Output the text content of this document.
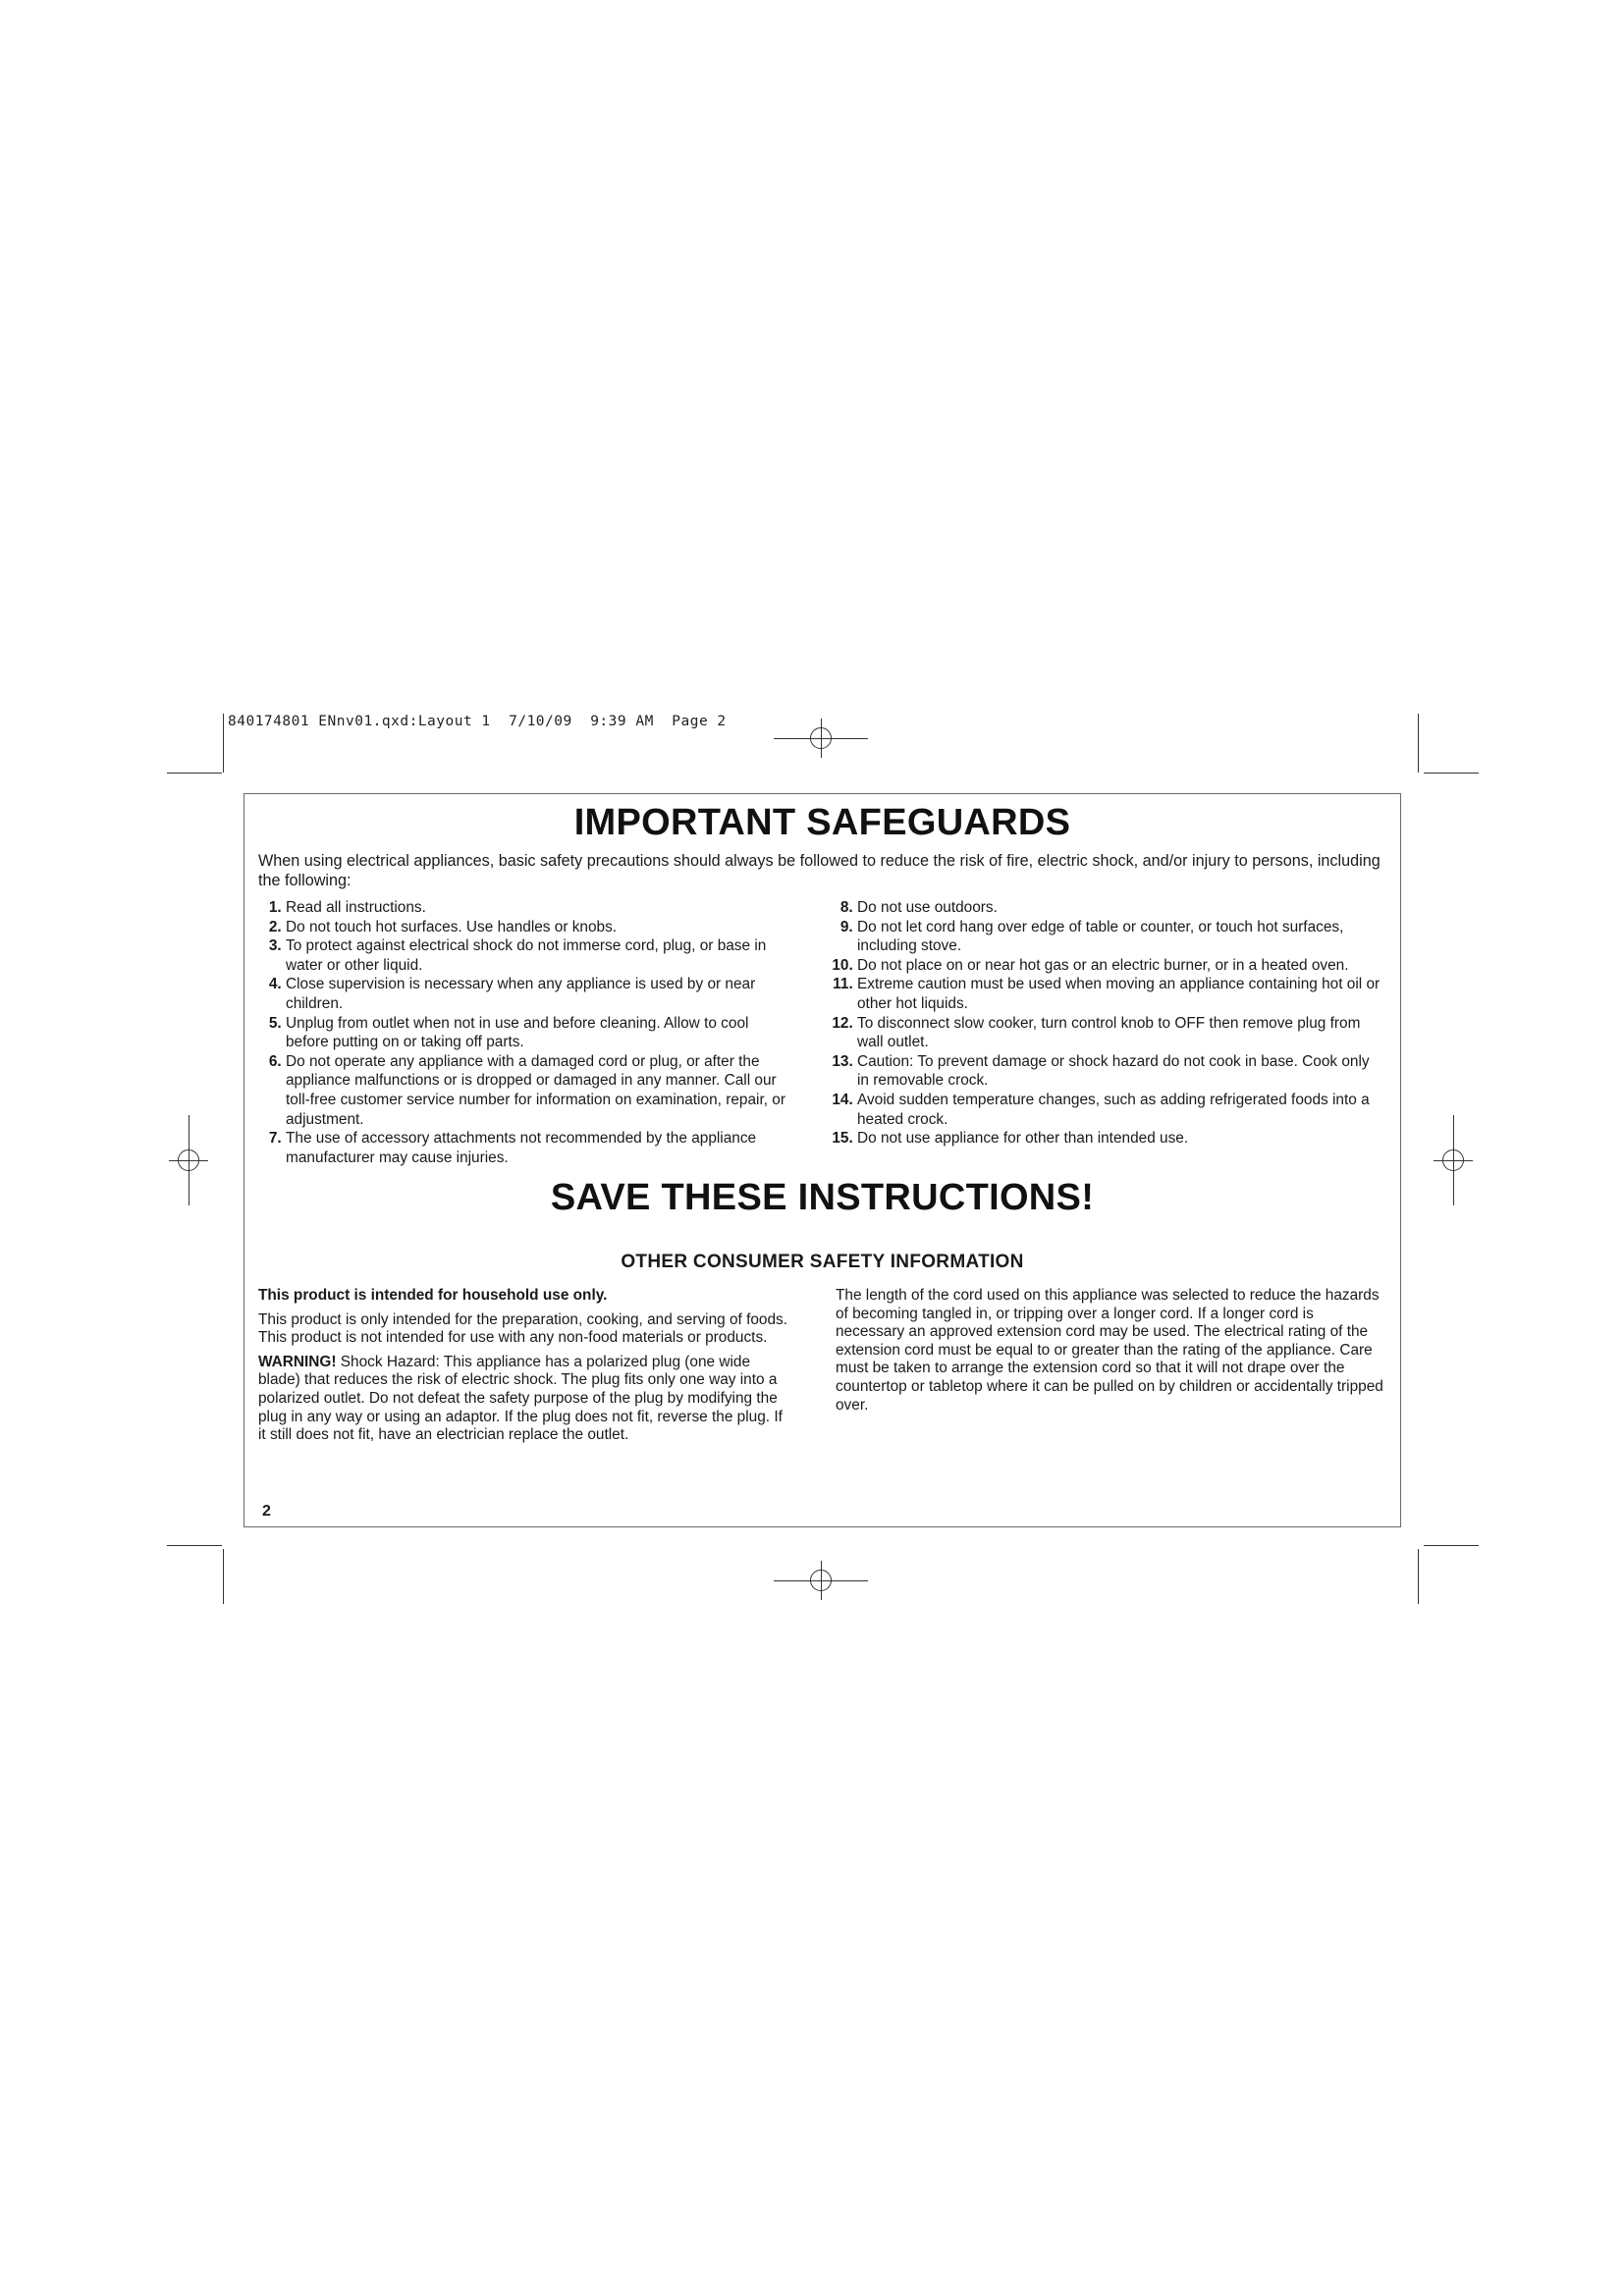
840174801 ENnv01.qxd:Layout 1  7/10/09  9:39 AM  Page 2
IMPORTANT SAFEGUARDS
When using electrical appliances, basic safety precautions should always be followed to reduce the risk of fire, electric shock, and/or injury to persons, including the following:
1. Read all instructions.
2. Do not touch hot surfaces. Use handles or knobs.
3. To protect against electrical shock do not immerse cord, plug, or base in water or other liquid.
4. Close supervision is necessary when any appliance is used by or near children.
5. Unplug from outlet when not in use and before cleaning. Allow to cool before putting on or taking off parts.
6. Do not operate any appliance with a damaged cord or plug, or after the appliance malfunctions or is dropped or damaged in any manner. Call our toll-free customer service number for information on examination, repair, or adjustment.
7. The use of accessory attachments not recommended by the appliance manufacturer may cause injuries.
8. Do not use outdoors.
9. Do not let cord hang over edge of table or counter, or touch hot surfaces, including stove.
10. Do not place on or near hot gas or an electric burner, or in a heated oven.
11. Extreme caution must be used when moving an appliance containing hot oil or other hot liquids.
12. To disconnect slow cooker, turn control knob to OFF then remove plug from wall outlet.
13. Caution: To prevent damage or shock hazard do not cook in base. Cook only in removable crock.
14. Avoid sudden temperature changes, such as adding refrigerated foods into a heated crock.
15. Do not use appliance for other than intended use.
SAVE THESE INSTRUCTIONS!
OTHER CONSUMER SAFETY INFORMATION

This product is intended for household use only.

This product is only intended for the preparation, cooking, and serving of foods. This product is not intended for use with any non-food materials or products.

WARNING! Shock Hazard: This appliance has a polarized plug (one wide blade) that reduces the risk of electric shock. The plug fits only one way into a polarized outlet. Do not defeat the safety purpose of the plug by modifying the plug in any way or using an adaptor. If the plug does not fit, reverse the plug. If it still does not fit, have an electrician replace the outlet.

The length of the cord used on this appliance was selected to reduce the hazards of becoming tangled in, or tripping over a longer cord. If a longer cord is necessary an approved extension cord may be used. The electrical rating of the extension cord must be equal to or greater than the rating of the appliance. Care must be taken to arrange the extension cord so that it will not drape over the countertop or tabletop where it can be pulled on by children or accidentally tripped over.
2
